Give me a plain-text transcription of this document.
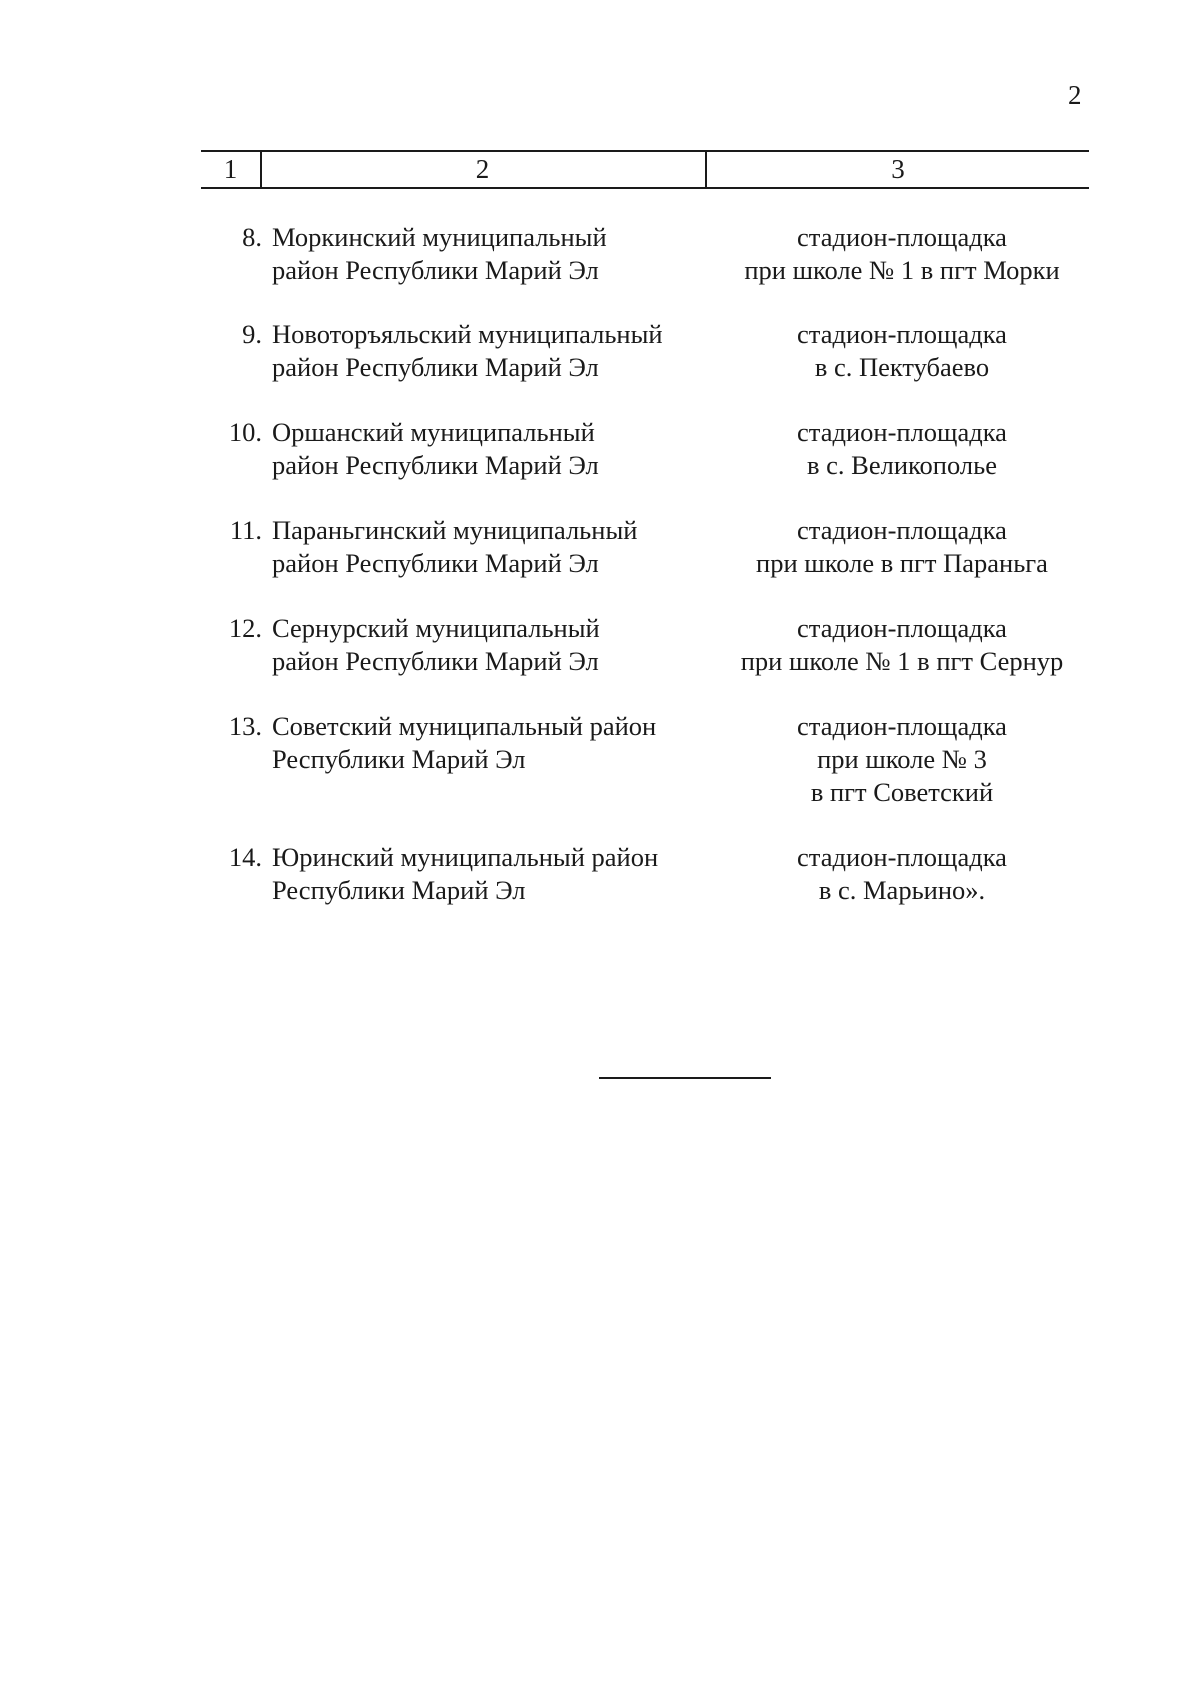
2
1	2	3
8. Моркинский муниципальный
район Республики Марий Эл
стадион-площадка
при школе № 1 в пгт Морки
9. Новоторъяльский муниципальный
район Республики Марий Эл
стадион-площадка
в с. Пектубаево
10. Оршанский муниципальный
район Республики Марий Эл
стадион-площадка
в с. Великополье
11. Параньгинский муниципальный
район Республики Марий Эл
стадион-площадка
при школе в пгт Параньга
12. Сернурский муниципальный
район Республики Марий Эл
стадион-площадка
при школе № 1 в пгт Сернур
13. Советский муниципальный район
Республики Марий Эл
стадион-площадка
при школе № 3
в пгт Советский
14. Юринский муниципальный район
Республики Марий Эл
стадион-площадка
в с. Марьино».
